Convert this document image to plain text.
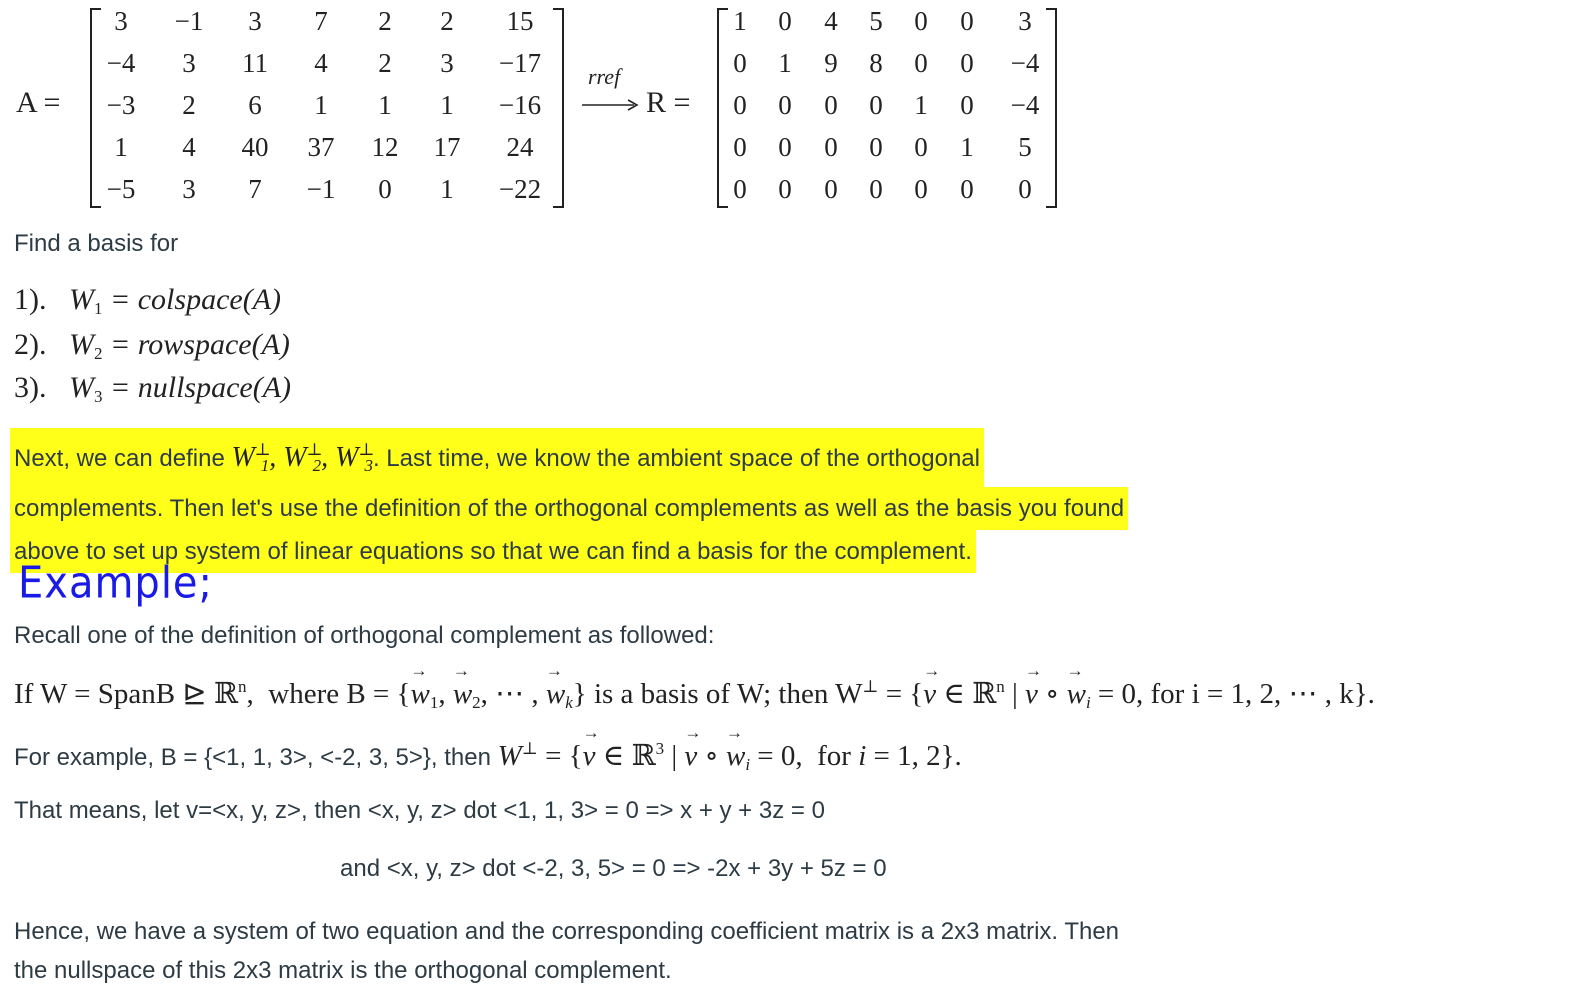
A =
3	−1	3	7	2	2	15
−4	3	11	4	2	3	−17
−3	2	6	1	1	1	−16
1	4	40	37	12	17	24
−5	3	7	−1	0	1	−22
rref
R =
1	0	4	5	0	0	3
0	1	9	8	0	0	−4
0	0	0	0	1	0	−4
0	0	0	0	0	1	5
0	0	0	0	0	0	0
Find a basis for
1). $W_1$ = colspace(A)
2). $W_2$ = rowspace(A)
3). $W_3$ = nullspace(A)
Next, we can define $W^\perp_1$, $W^\perp_2$, $W^\perp_3$. Last time, we know the ambient space of the orthogonal
complements. Then let's use the definition of the orthogonal complements as well as the basis you found
above to set up system of linear equations so that we can find a basis for the complement.
Example;
Recall one of the definition of orthogonal complement as followed:
If W = SpanB ⊵ ℝ$^n$,  where B = {→ $w_1$, → $w_2$, ⋯ , → $w_k$} is a basis of W; then W⊥ = {→ v ∈ ℝ$^n$ | → v ∘ → $w_i = 0$, for i = 1, 2, ⋯ , k}.
For example, B = {<1, 1, 3>, <-2, 3, 5>}, then W⊥ = {→ v ∈ ℝ$^3$ | → v ∘ → $w_i = 0$,  for i = 1, 2}.
That means, let v=<x, y, z>, then <x, y, z> dot <1, 1, 3> = 0 => x + y + 3z = 0
and <x, y, z> dot <-2, 3, 5> = 0 => -2x + 3y + 5z = 0
Hence, we have a system of two equation and the corresponding coefficient matrix is a 2x3 matrix. Then
the nullspace of this 2x3 matrix is the orthogonal complement.
